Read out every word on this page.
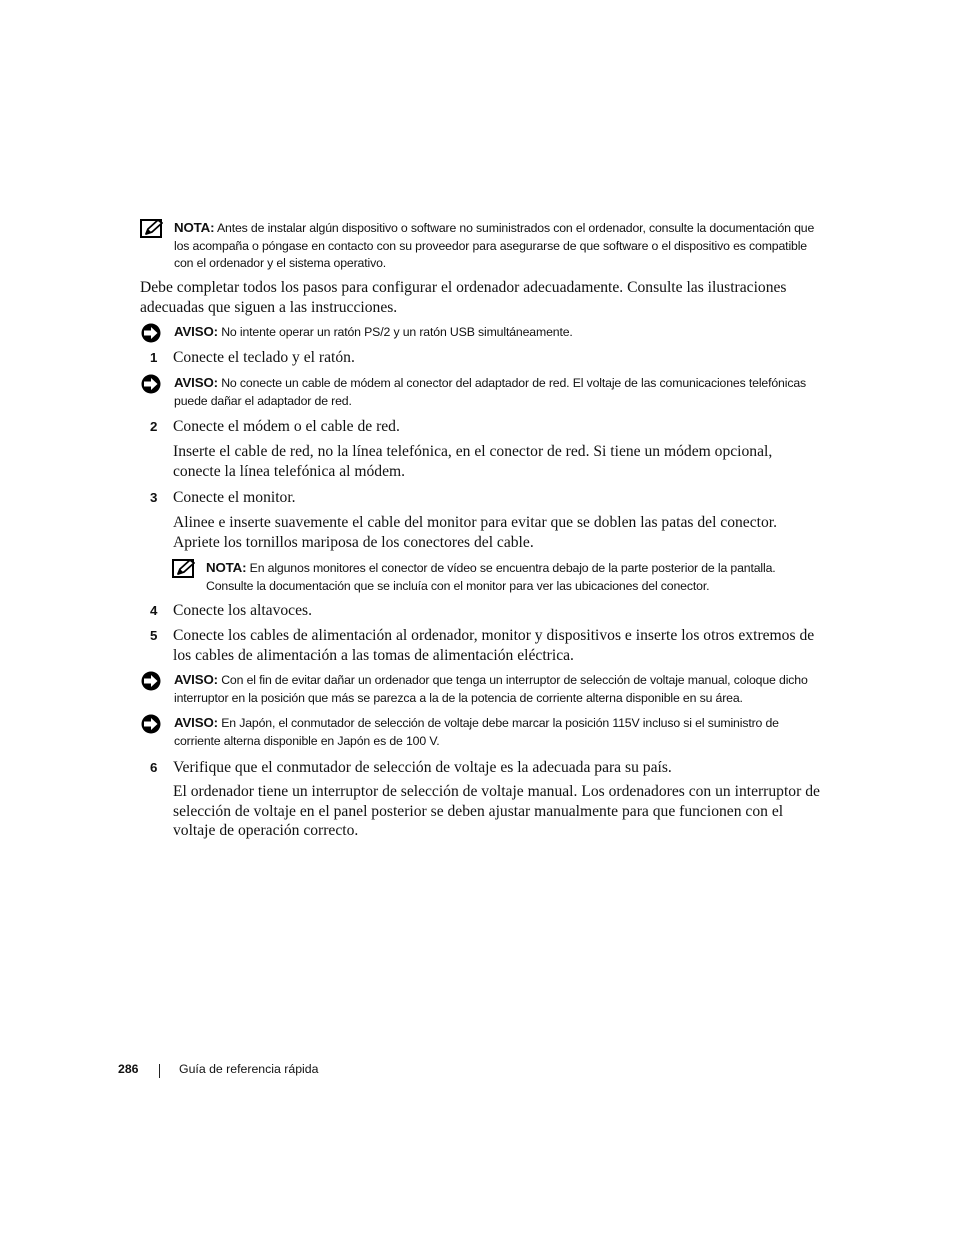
NOTA: Antes de instalar algún dispositivo o software no suministrados con el ordenador, consulte la documentación que los acompaña o póngase en contacto con su proveedor para asegurarse de que software o el dispositivo es compatible con el ordenador y el sistema operativo.
Debe completar todos los pasos para configurar el ordenador adecuadamente. Consulte las ilustraciones adecuadas que siguen a las instrucciones.
AVISO: No intente operar un ratón PS/2 y un ratón USB simultáneamente.
1 Conecte el teclado y el ratón.
AVISO: No conecte un cable de módem al conector del adaptador de red. El voltaje de las comunicaciones telefónicas puede dañar el adaptador de red.
2 Conecte el módem o el cable de red.
Inserte el cable de red, no la línea telefónica, en el conector de red. Si tiene un módem opcional, conecte la línea telefónica al módem.
3 Conecte el monitor.
Alinee e inserte suavemente el cable del monitor para evitar que se doblen las patas del conector. Apriete los tornillos mariposa de los conectores del cable.
NOTA: En algunos monitores el conector de vídeo se encuentra debajo de la parte posterior de la pantalla. Consulte la documentación que se incluía con el monitor para ver las ubicaciones del conector.
4 Conecte los altavoces.
5 Conecte los cables de alimentación al ordenador, monitor y dispositivos e inserte los otros extremos de los cables de alimentación a las tomas de alimentación eléctrica.
AVISO: Con el fin de evitar dañar un ordenador que tenga un interruptor de selección de voltaje manual, coloque dicho interruptor en la posición que más se parezca a la de la potencia de corriente alterna disponible en su área.
AVISO: En Japón, el conmutador de selección de voltaje debe marcar la posición 115V incluso si el suministro de corriente alterna disponible en Japón es de 100 V.
6 Verifique que el conmutador de selección de voltaje es la adecuada para su país.
El ordenador tiene un interruptor de selección de voltaje manual. Los ordenadores con un interruptor de selección de voltaje en el panel posterior se deben ajustar manualmente para que funcionen con el voltaje de operación correcto.
286	Guía de referencia rápida
